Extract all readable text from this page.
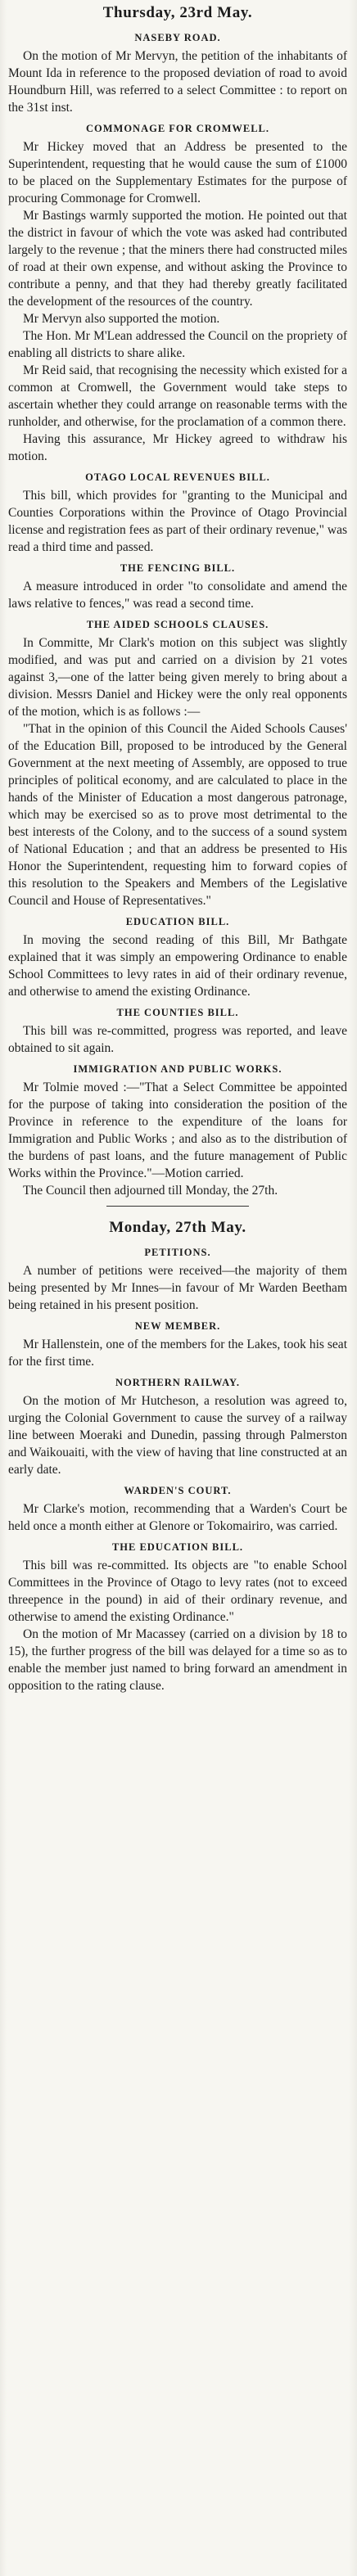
Thursday, 23rd May.
NASEBY ROAD.

On the motion of Mr Mervyn, the petition of the inhabitants of Mount Ida in reference to the proposed deviation of road to avoid Houndburn Hill, was referred to a select Committee : to report on the 31st inst.

COMMONAGE FOR CROMWELL.

Mr Hickey moved that an Address be presented to the Superintendent, requesting that he would cause the sum of £1000 to be placed on the Supplementary Estimates for the purpose of procuring Commonage for Cromwell.

Mr Bastings warmly supported the motion. He pointed out that the district in favour of which the vote was asked had contributed largely to the revenue ; that the miners there had constructed miles of road at their own expense, and without asking the Province to contribute a penny, and that they had thereby greatly facilitated the development of the resources of the country.

Mr Mervyn also supported the motion.

The Hon. Mr M'Lean addressed the Council on the propriety of enabling all districts to share alike.

Mr Reid said, that recognising the necessity which existed for a common at Cromwell, the Government would take steps to ascertain whether they could arrange on reasonable terms with the runholder, and otherwise, for the proclamation of a common there.

Having this assurance, Mr Hickey agreed to withdraw his motion.

OTAGO LOCAL REVENUES BILL.

This bill, which provides for "granting to the Municipal and Counties Corporations within the Province of Otago Provincial license and registration fees as part of their ordinary revenue," was read a third time and passed.

THE FENCING BILL.

A measure introduced in order "to consolidate and amend the laws relative to fences," was read a second time.

THE AIDED SCHOOLS CLAUSES.

In Committe, Mr Clark's motion on this subject was slightly modified, and was put and carried on a division by 21 votes against 3,—one of the latter being given merely to bring about a division. Messrs Daniel and Hickey were the only real opponents of the motion, which is as follows :—

"That in the opinion of this Council the Aided Schools Causes' of the Education Bill, proposed to be introduced by the General Government at the next meeting of Assembly, are opposed to true principles of political economy, and are calculated to place in the hands of the Minister of Education a most dangerous patronage, which may be exercised so as to prove most detrimental to the best interests of the Colony, and to the success of a sound system of National Education ; and that an address be presented to His Honor the Superintendent, requesting him to forward copies of this resolution to the Speakers and Members of the Legislative Council and House of Representatives."

EDUCATION BILL.

In moving the second reading of this Bill, Mr Bathgate explained that it was simply an empowering Ordinance to enable School Committees to levy rates in aid of their ordinary revenue, and otherwise to amend the existing Ordinance.

THE COUNTIES BILL.

This bill was re-committed, progress was reported, and leave obtained to sit again.

IMMIGRATION AND PUBLIC WORKS.

Mr Tolmie moved :—"That a Select Committee be appointed for the purpose of taking into consideration the position of the Province in reference to the expenditure of the loans for Immigration and Public Works ; and also as to the distribution of the burdens of past loans, and the future management of Public Works within the Province."—Motion carried.

The Council then adjourned till Monday, the 27th.

Monday, 27th May.
PETITIONS.

A number of petitions were received—the majority of them being presented by Mr Innes—in favour of Mr Warden Beetham being retained in his present position.

NEW MEMBER.

Mr Hallenstein, one of the members for the Lakes, took his seat for the first time.

NORTHERN RAILWAY.

On the motion of Mr Hutcheson, a resolution was agreed to, urging the Colonial Government to cause the survey of a railway line between Moeraki and Dunedin, passing through Palmerston and Waikouaiti, with the view of having that line constructed at an early date.

WARDEN'S COURT.

Mr Clarke's motion, recommending that a Warden's Court be held once a month either at Glenore or Tokomairiro, was carried.

THE EDUCATION BILL.

This bill was re-committed. Its objects are "to enable School Committees in the Province of Otago to levy rates (not to exceed threepence in the pound) in aid of their ordinary revenue, and otherwise to amend the existing Ordinance."

On the motion of Mr Macassey (carried on a division by 18 to 15), the further progress of the bill was delayed for a time so as to enable the member just named to bring forward an amendment in opposition to the rating clause.
